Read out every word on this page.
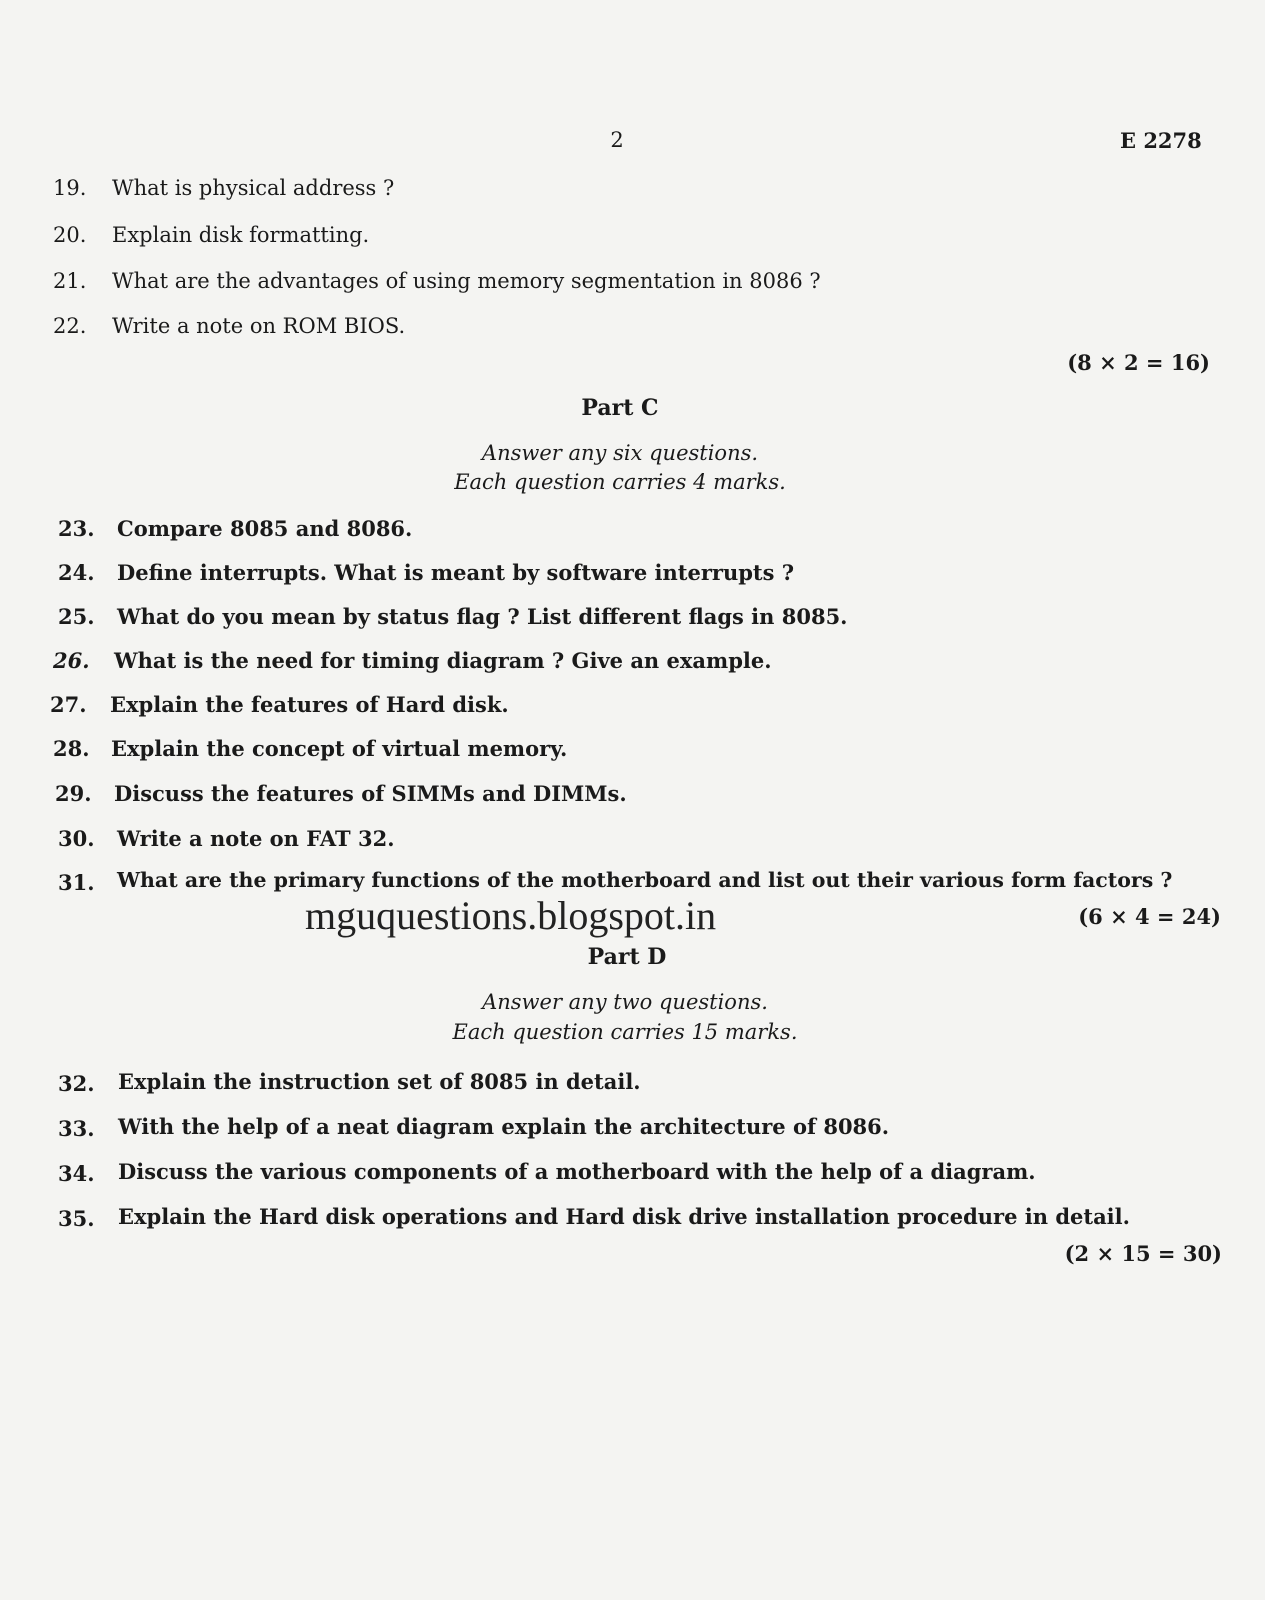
2	E 2278
19. What is physical address ?
20. Explain disk formatting.
21. What are the advantages of using memory segmentation in 8086 ?
22. Write a note on ROM BIOS.
(8 × 2 = 16)
Part C
Answer any six questions.
Each question carries 4 marks.
23. Compare 8085 and 8086.
24. Define interrupts. What is meant by software interrupts ?
25. What do you mean by status flag ? List different flags in 8085.
26. What is the need for timing diagram ? Give an example.
27. Explain the features of Hard disk.
28. Explain the concept of virtual memory.
29. Discuss the features of SIMMs and DIMMs.
30. Write a note on FAT 32.
31. What are the primary functions of the motherboard and list out their various form factors ?
mguquestions.blogspot.in	(6 × 4 = 24)
Part D
Answer any two questions.
Each question carries 15 marks.
32. Explain the instruction set of 8085 in detail.
33. With the help of a neat diagram explain the architecture of 8086.
34. Discuss the various components of a motherboard with the help of a diagram.
35. Explain the Hard disk operations and Hard disk drive installation procedure in detail.
(2 × 15 = 30)
